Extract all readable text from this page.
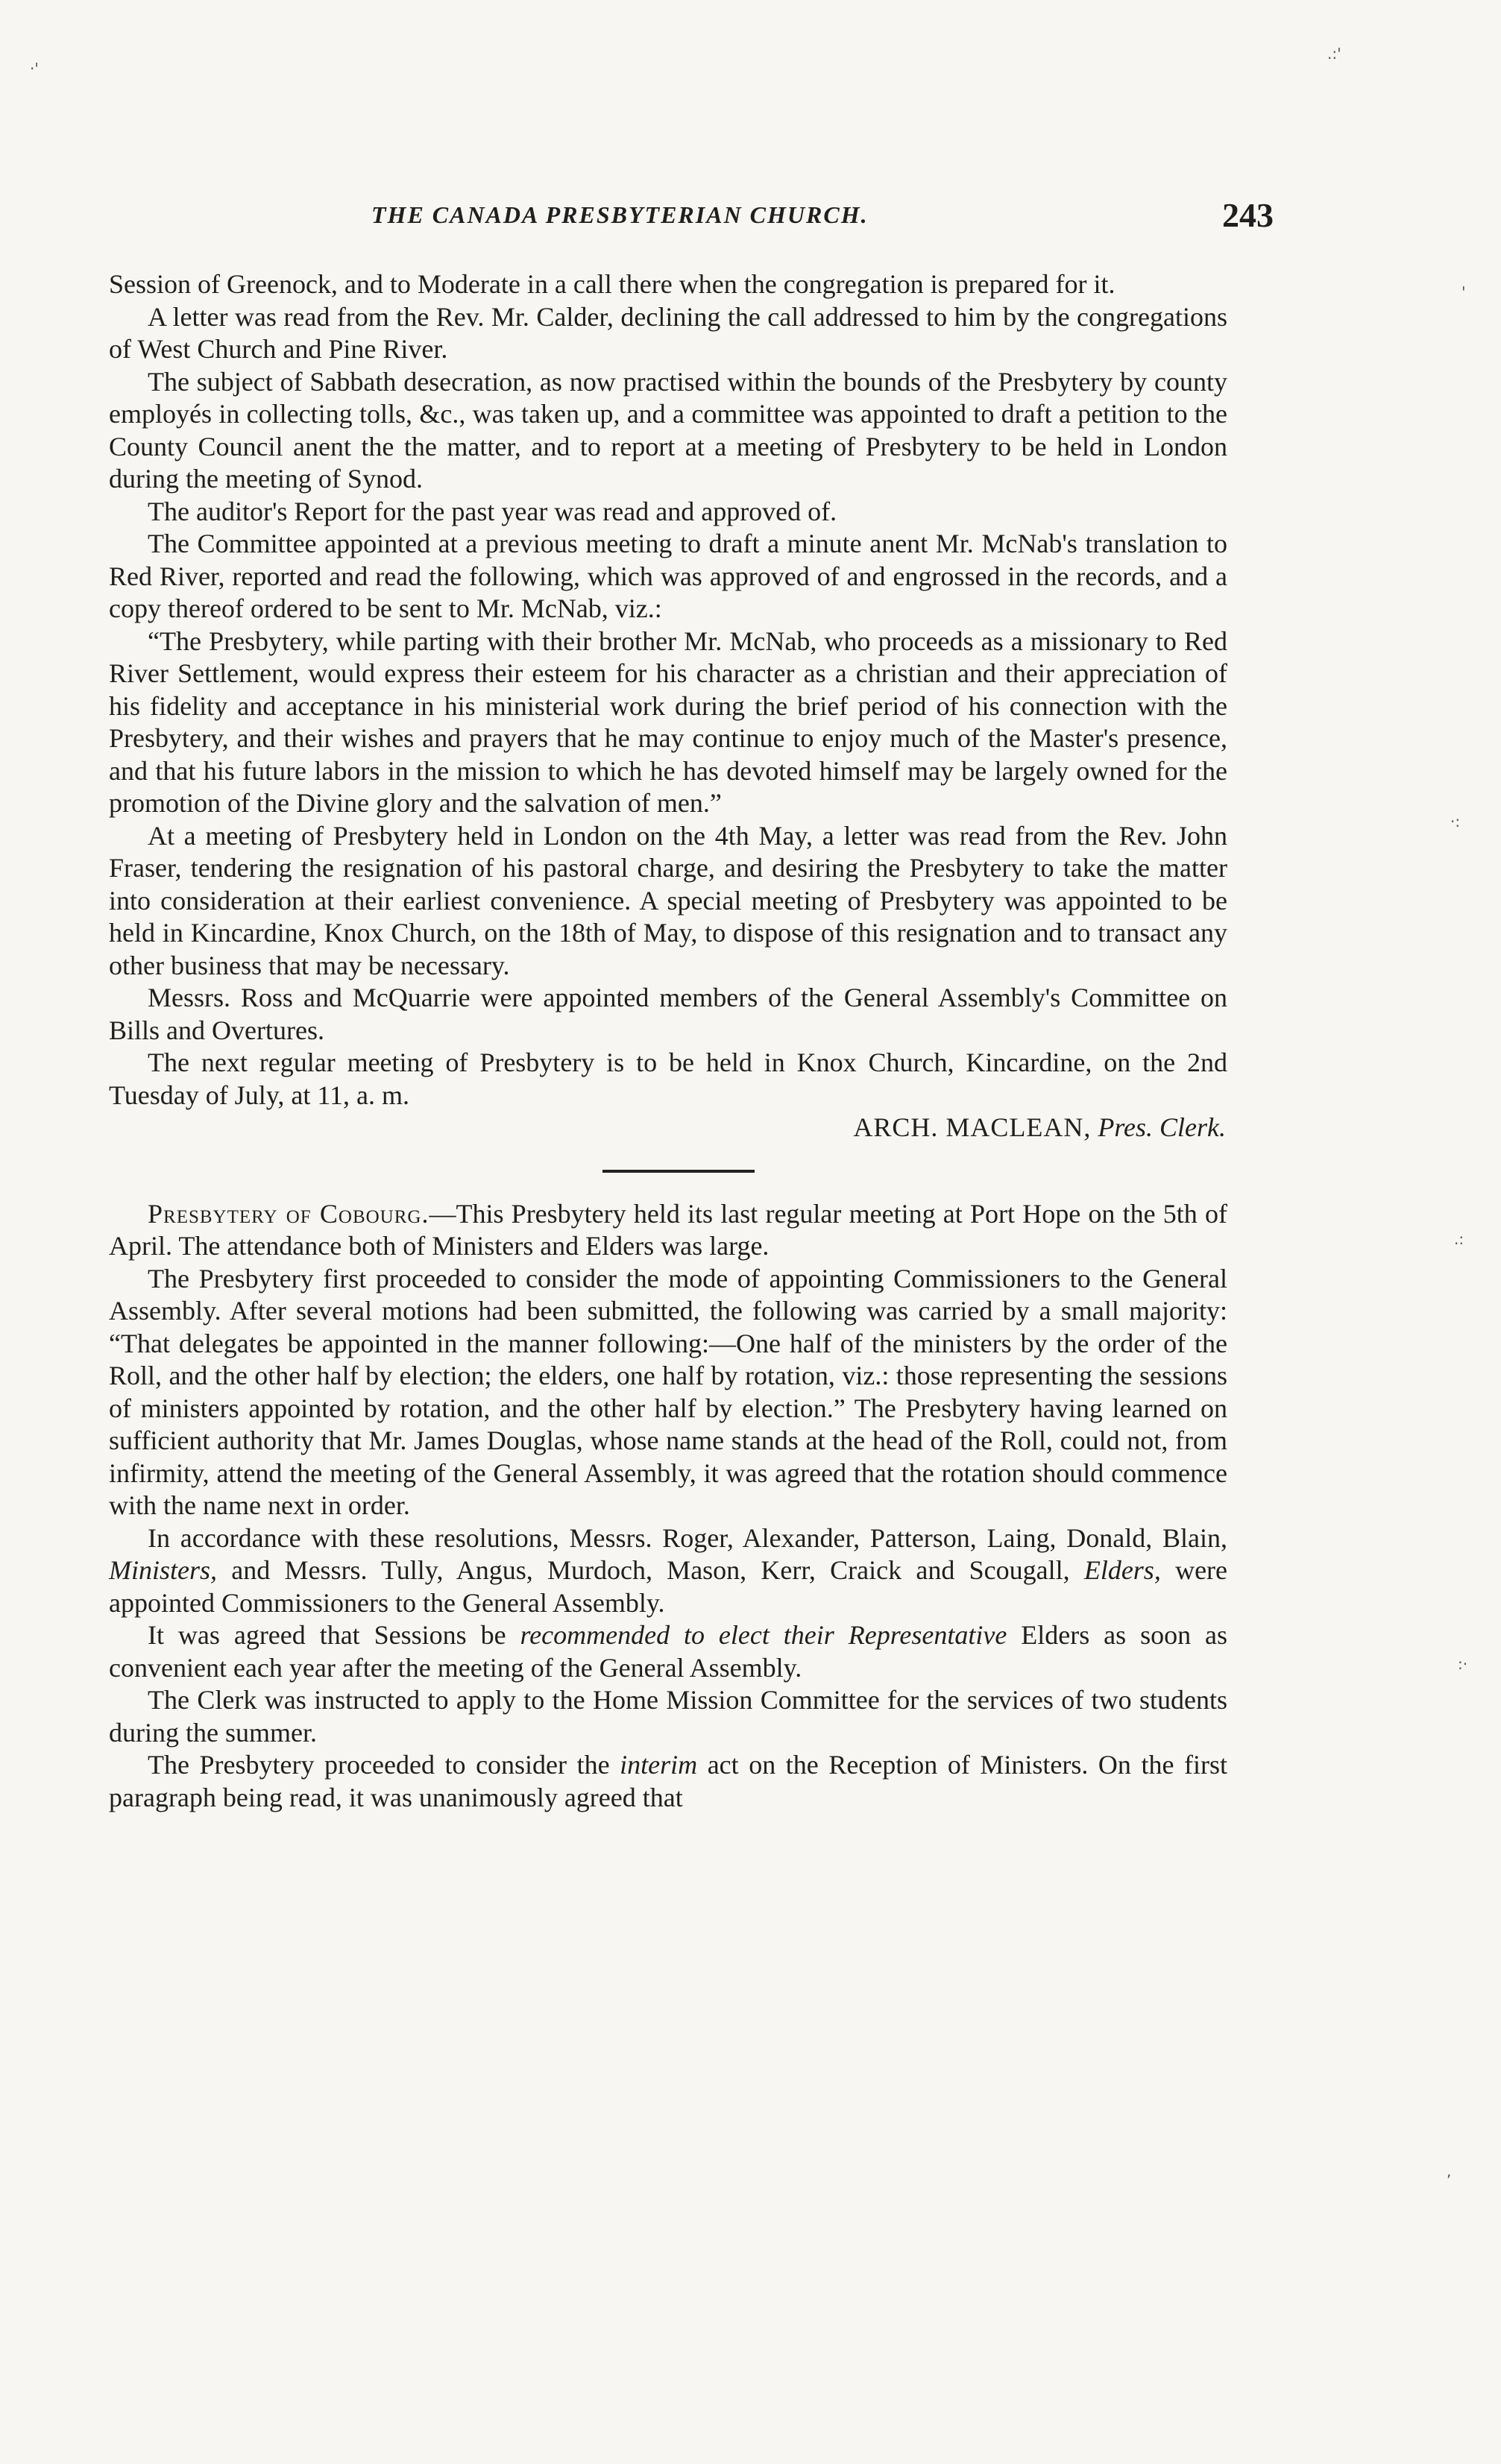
THE CANADA PRESBYTERIAN CHURCH.	243

Session of Greenock, and to Moderate in a call there when the congregation is prepared for it.

A letter was read from the Rev. Mr. Calder, declining the call addressed to him by the congregations of West Church and Pine River.

The subject of Sabbath desecration, as now practised within the bounds of the Presbytery by county employés in collecting tolls, &c., was taken up, and a committee was appointed to draft a petition to the County Council anent the the matter, and to report at a meeting of Presbytery to be held in London during the meeting of Synod.

The auditor's Report for the past year was read and approved of.

The Committee appointed at a previous meeting to draft a minute anent Mr. McNab's translation to Red River, reported and read the following, which was approved of and engrossed in the records, and a copy thereof ordered to be sent to Mr. McNab, viz.:

“The Presbytery, while parting with their brother Mr. McNab, who proceeds as a missionary to Red River Settlement, would express their esteem for his character as a christian and their appreciation of his fidelity and acceptance in his ministerial work during the brief period of his connection with the Presbytery, and their wishes and prayers that he may continue to enjoy much of the Master's presence, and that his future labors in the mission to which he has devoted himself may be largely owned for the promotion of the Divine glory and the salvation of men.”

At a meeting of Presbytery held in London on the 4th May, a letter was read from the Rev. John Fraser, tendering the resignation of his pastoral charge, and desiring the Presbytery to take the matter into consideration at their earliest convenience. A special meeting of Presbytery was appointed to be held in Kincardine, Knox Church, on the 18th of May, to dispose of this resignation and to transact any other business that may be necessary.

Messrs. Ross and McQuarrie were appointed members of the General Assembly's Committee on Bills and Overtures.

The next regular meeting of Presbytery is to be held in Knox Church, Kincardine, on the 2nd Tuesday of July, at 11, a. m.

ARCH. MACLEAN, Pres. Clerk.

Presbytery of Cobourg.—This Presbytery held its last regular meeting at Port Hope on the 5th of April. The attendance both of Ministers and Elders was large.

The Presbytery first proceeded to consider the mode of appointing Commissioners to the General Assembly. After several motions had been submitted, the following was carried by a small majority: “That delegates be appointed in the manner following:—One half of the ministers by the order of the Roll, and the other half by election; the elders, one half by rotation, viz.: those representing the sessions of ministers appointed by rotation, and the other half by election.” The Presbytery having learned on sufficient authority that Mr. James Douglas, whose name stands at the head of the Roll, could not, from infirmity, attend the meeting of the General Assembly, it was agreed that the rotation should commence with the name next in order.

In accordance with these resolutions, Messrs. Roger, Alexander, Patterson, Laing, Donald, Blain, Ministers, and Messrs. Tully, Angus, Murdoch, Mason, Kerr, Craick and Scougall, Elders, were appointed Commissioners to the General Assembly.

It was agreed that Sessions be recommended to elect their Representative Elders as soon as convenient each year after the meeting of the General Assembly.

The Clerk was instructed to apply to the Home Mission Committee for the services of two students during the summer.

The Presbytery proceeded to consider the interim act on the Reception of Ministers. On the first paragraph being read, it was unanimously agreed that

.:'
'
·:
.:
:·
,
·'
